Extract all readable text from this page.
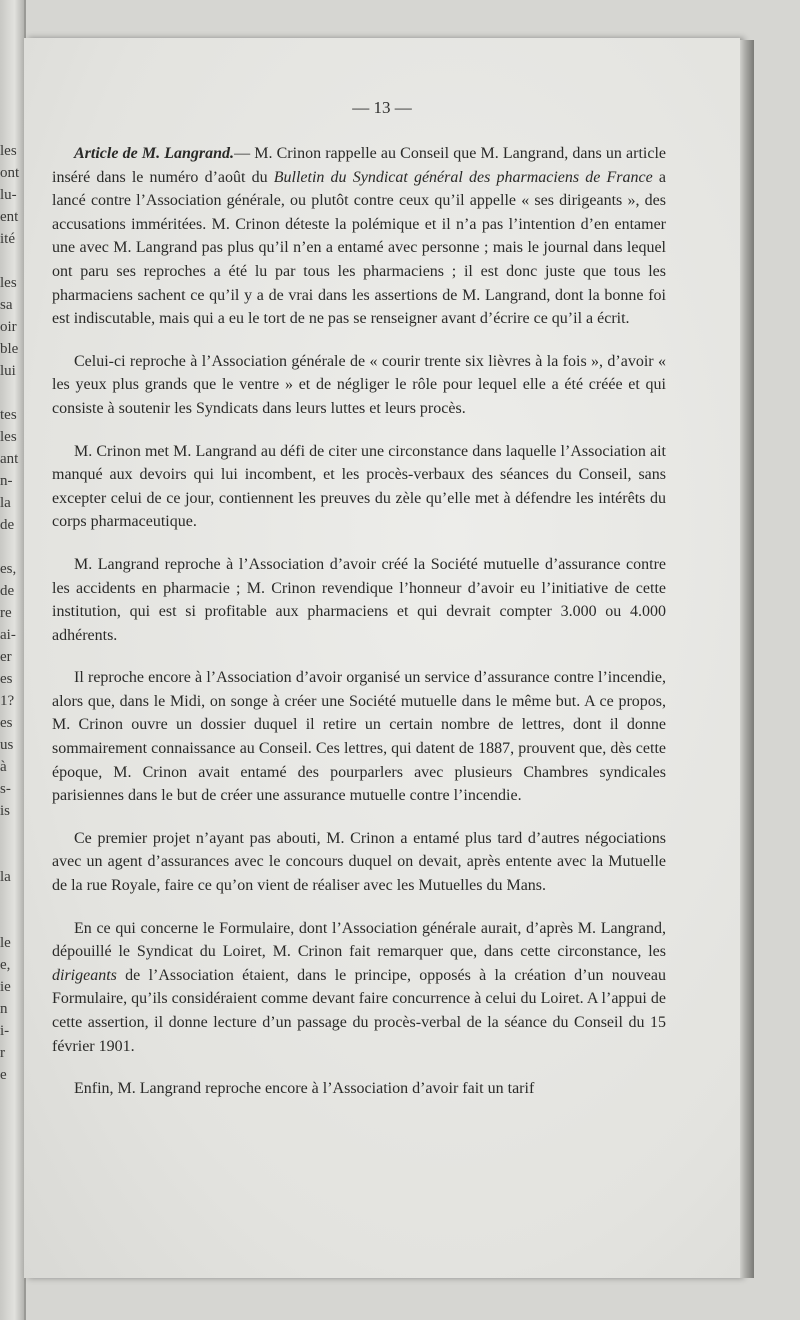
les
ont
lu-
ent
ité

les
sa
oir
ble
lui

tes
les
ant
n-
la
de

es,
de
re
ai-
er
es
1?
es
us
à
s-
is

la

le
e,
ie
n
i-
r
e
— 13 —

Article de M. Langrand.— M. Crinon rappelle au Conseil que M. Langrand, dans un article inséré dans le numéro d’août du Bulletin du Syndicat général des pharmaciens de France a lancé contre l’Association générale, ou plutôt contre ceux qu’il appelle « ses dirigeants », des accusations imméritées. M. Crinon déteste la polémique et il n’a pas l’intention d’en entamer une avec M. Langrand pas plus qu’il n’en a entamé avec personne ; mais le journal dans lequel ont paru ses reproches a été lu par tous les pharmaciens ; il est donc juste que tous les pharmaciens sachent ce qu’il y a de vrai dans les assertions de M. Langrand, dont la bonne foi est indiscutable, mais qui a eu le tort de ne pas se renseigner avant d’écrire ce qu’il a écrit.

Celui-ci reproche à l’Association générale de « courir trente six lièvres à la fois », d’avoir « les yeux plus grands que le ventre » et de négliger le rôle pour lequel elle a été créée et qui consiste à soutenir les Syndicats dans leurs luttes et leurs procès.

M. Crinon met M. Langrand au défi de citer une circonstance dans laquelle l’Association ait manqué aux devoirs qui lui incombent, et les procès-verbaux des séances du Conseil, sans excepter celui de ce jour, contiennent les preuves du zèle qu’elle met à défendre les intérêts du corps pharmaceutique.

M. Langrand reproche à l’Association d’avoir créé la Société mutuelle d’assurance contre les accidents en pharmacie ; M. Crinon revendique l’honneur d’avoir eu l’initiative de cette institution, qui est si profitable aux pharmaciens et qui devrait compter 3.000 ou 4.000 adhérents.

Il reproche encore à l’Association d’avoir organisé un service d’assurance contre l’incendie, alors que, dans le Midi, on songe à créer une Société mutuelle dans le même but. A ce propos, M. Crinon ouvre un dossier duquel il retire un certain nombre de lettres, dont il donne sommairement connaissance au Conseil. Ces lettres, qui datent de 1887, prouvent que, dès cette époque, M. Crinon avait entamé des pourparlers avec plusieurs Chambres syndicales parisiennes dans le but de créer une assurance mutuelle contre l’incendie.

Ce premier projet n’ayant pas abouti, M. Crinon a entamé plus tard d’autres négociations avec un agent d’assurances avec le concours duquel on devait, après entente avec la Mutuelle de la rue Royale, faire ce qu’on vient de réaliser avec les Mutuelles du Mans.

En ce qui concerne le Formulaire, dont l’Association générale aurait, d’après M. Langrand, dépouillé le Syndicat du Loiret, M. Crinon fait remarquer que, dans cette circonstance, les dirigeants de l’Association étaient, dans le principe, opposés à la création d’un nouveau Formulaire, qu’ils considéraient comme devant faire concurrence à celui du Loiret. A l’appui de cette assertion, il donne lecture d’un passage du procès-verbal de la séance du Conseil du 15 février 1901.

Enfin, M. Langrand reproche encore à l’Association d’avoir fait un tarif
